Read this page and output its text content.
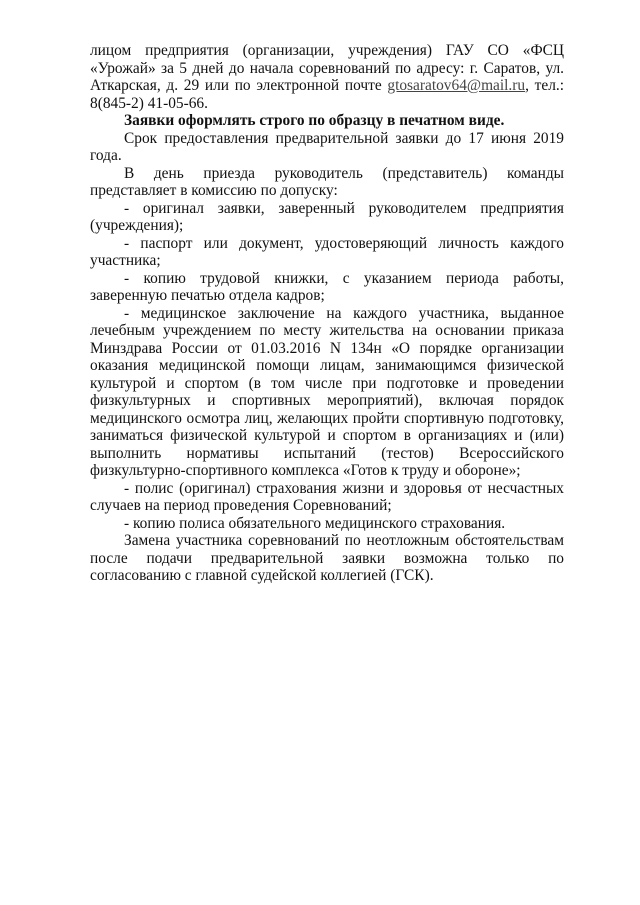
лицом предприятия (организации, учреждения) ГАУ СО «ФСЦ «Урожай» за 5 дней до начала соревнований по адресу: г. Саратов, ул. Аткарская, д. 29 или по электронной почте gtosaratov64@mail.ru, тел.: 8(845-2) 41-05-66.

Заявки оформлять строго по образцу в печатном виде.

Срок предоставления предварительной заявки до 17 июня 2019 года.

В день приезда руководитель (представитель) команды представляет в комиссию по допуску:

- оригинал заявки, заверенный руководителем предприятия (учреждения);

- паспорт или документ, удостоверяющий личность каждого участника;

- копию трудовой книжки, с указанием периода работы, заверенную печатью отдела кадров;

- медицинское заключение на каждого участника, выданное лечебным учреждением по месту жительства на основании приказа Минздрава России от 01.03.2016 N 134н «О порядке организации оказания медицинской помощи лицам, занимающимся физической культурой и спортом (в том числе при подготовке и проведении физкультурных и спортивных мероприятий), включая порядок медицинского осмотра лиц, желающих пройти спортивную подготовку, заниматься физической культурой и спортом в организациях и (или) выполнить нормативы испытаний (тестов) Всероссийского физкультурно-спортивного комплекса «Готов к труду и обороне»;

- полис (оригинал) страхования жизни и здоровья от несчастных случаев на период проведения Соревнований;

- копию полиса обязательного медицинского страхования.

Замена участника соревнований по неотложным обстоятельствам после подачи предварительной заявки возможна только по согласованию с главной судейской коллегией (ГСК).
